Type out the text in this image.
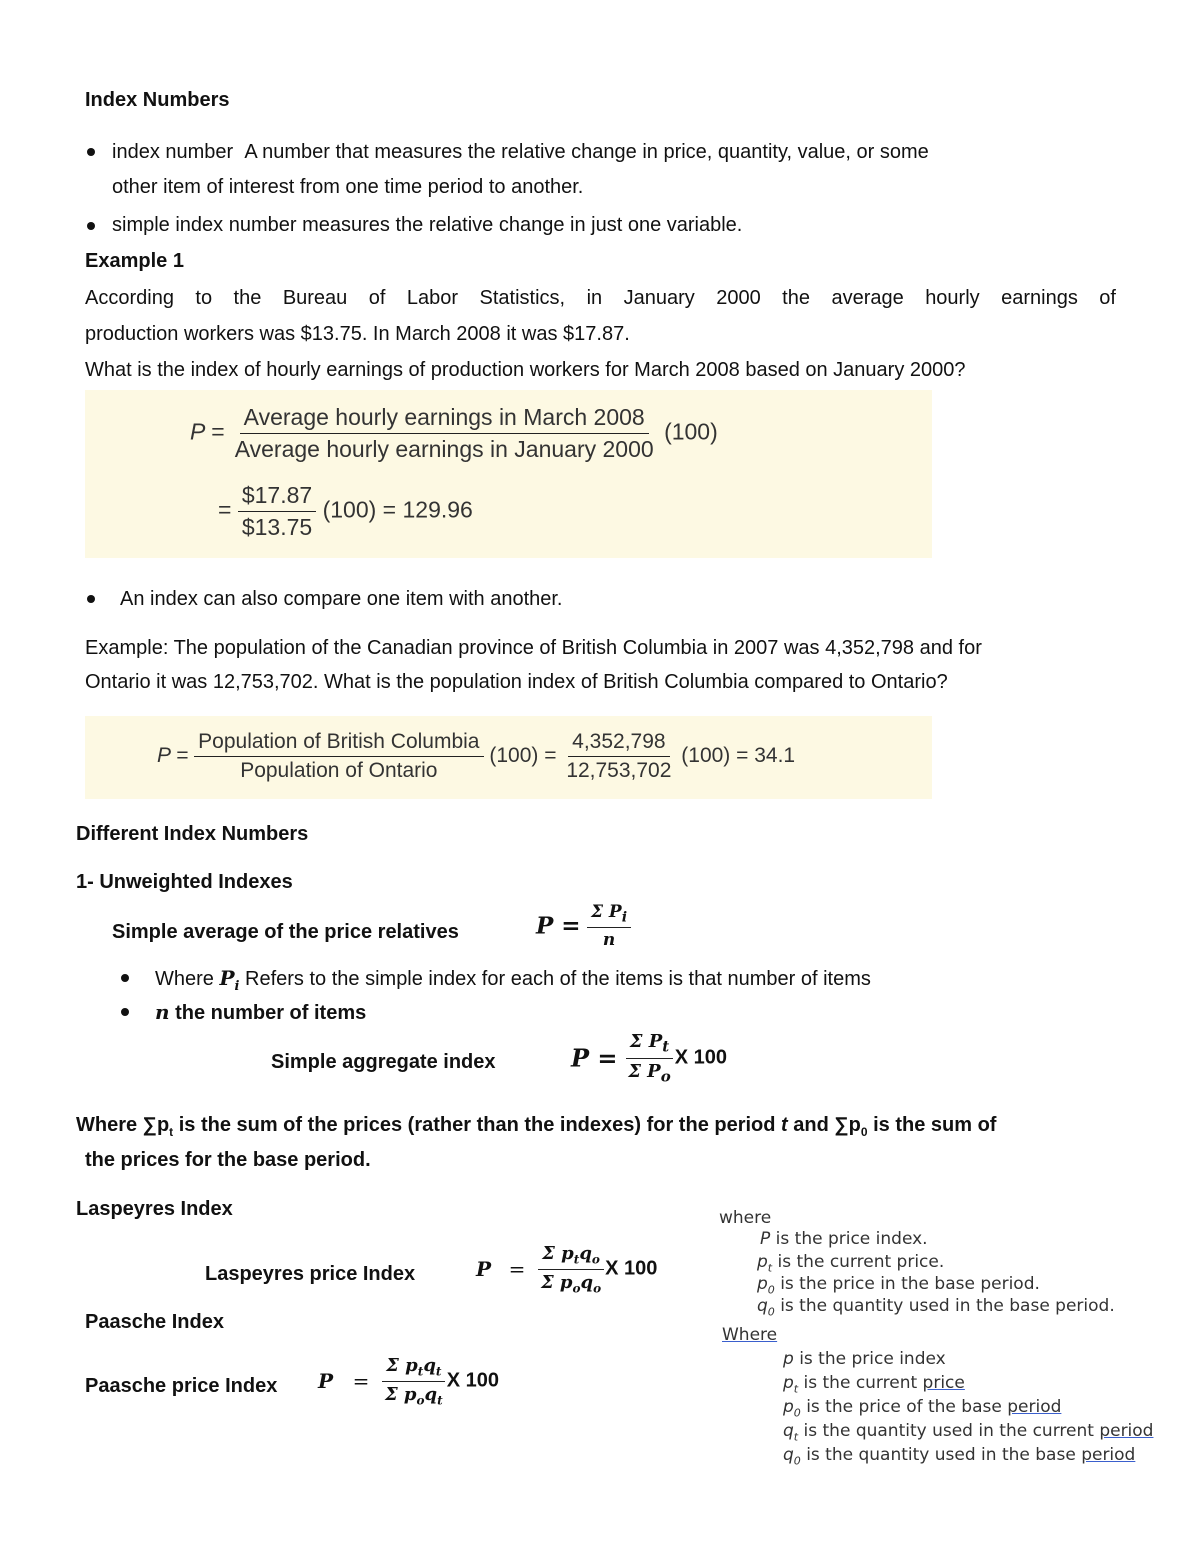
Index Numbers
index number A number that measures the relative change in price, quantity, value, or some
other item of interest from one time period to another.
simple index number measures the relative change in just one variable.
Example 1
According to the Bureau of Labor Statistics, in January 2000 the average hourly earnings of
production workers was $13.75. In March 2008 it was $17.87.
What is the index of hourly earnings of production workers for March 2008 based on January 2000?
$P = \frac{\text{Average hourly earnings in March 2008}}{\text{Average hourly earnings in January 2000}} (100)$
= $\frac{\$17.87}{\$13.75} (100) = 129.96$
An index can also compare one item with another.
Example: The population of the Canadian province of British Columbia in 2007 was 4,352,798 and for
Ontario it was 12,753,702. What is the population index of British Columbia compared to Ontario?
$P = \frac{\text{Population of British Columbia}}{\text{Population of Ontario}} (100) = \frac{4,352,798}{12,753,702} (100) = 34.1$
Different Index Numbers
1- Unweighted Indexes
Simple average of the price relatives	$P = \frac{\Sigma P_i}{n}$
Where $P_i$ Refers to the simple index for each of the items is that number of items
n the number of items
Simple aggregate index	$P = \frac{\Sigma P_t}{\Sigma P_o}$ X 100
Where $\sum p_t$ is the sum of the prices (rather than the indexes) for the period t and $\sum p_0$ is the sum of
the prices for the base period.
Laspeyres Index
Laspeyres price Index	$P = \frac{\Sigma p_tq_o}{\Sigma p_oq_o}$ X 100
Paasche Index
Paasche price Index $P = \frac{\Sigma p_tq_t}{\Sigma p_oq_t}$ X 100
where
P is the price index.
$p_t$ is the current price.
$p_0$ is the price in the base period.
$q_0$ is the quantity used in the base period.
Where
p is the price index
$p_t$ is the current price
$p_0$ is the price of the base period
$q_t$ is the quantity used in the current period
$q_0$ is the quantity used in the base period
